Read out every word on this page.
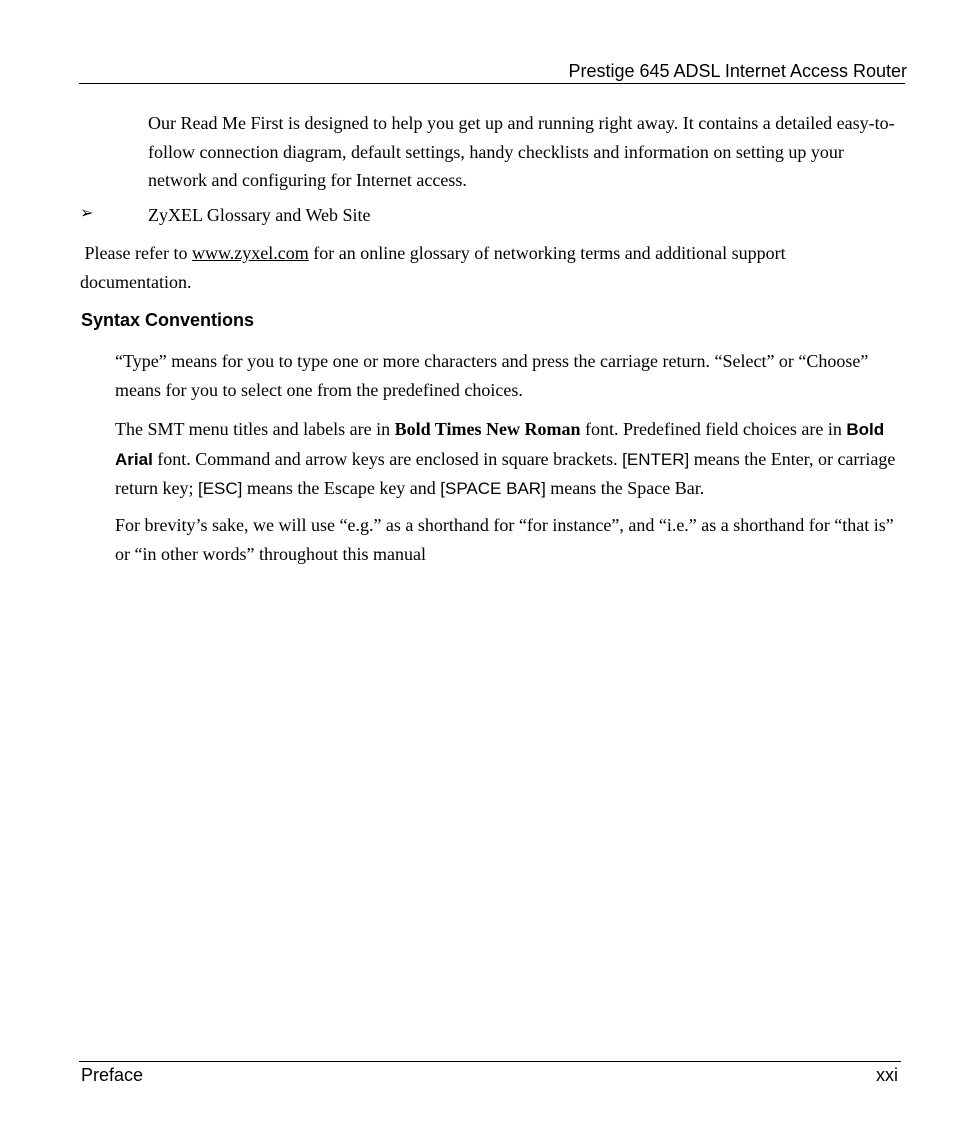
Prestige 645 ADSL Internet Access Router
Our Read Me First is designed to help you get up and running right away. It contains a detailed easy-to-follow connection diagram, default settings, handy checklists and information on setting up your network and configuring for Internet access.
➢	ZyXEL Glossary and Web Site
Please refer to www.zyxel.com for an online glossary of networking terms and additional support documentation.
Syntax Conventions
“Type” means for you to type one or more characters and press the carriage return. “Select” or “Choose” means for you to select one from the predefined choices.
The SMT menu titles and labels are in Bold Times New Roman font. Predefined field choices are in Bold Arial font. Command and arrow keys are enclosed in square brackets. [ENTER] means the Enter, or carriage return key; [ESC] means the Escape key and [SPACE BAR] means the Space Bar.
For brevity’s sake, we will use “e.g.” as a shorthand for “for instance”, and “i.e.” as a shorthand for “that is” or “in other words” throughout this manual
Preface	xxi
